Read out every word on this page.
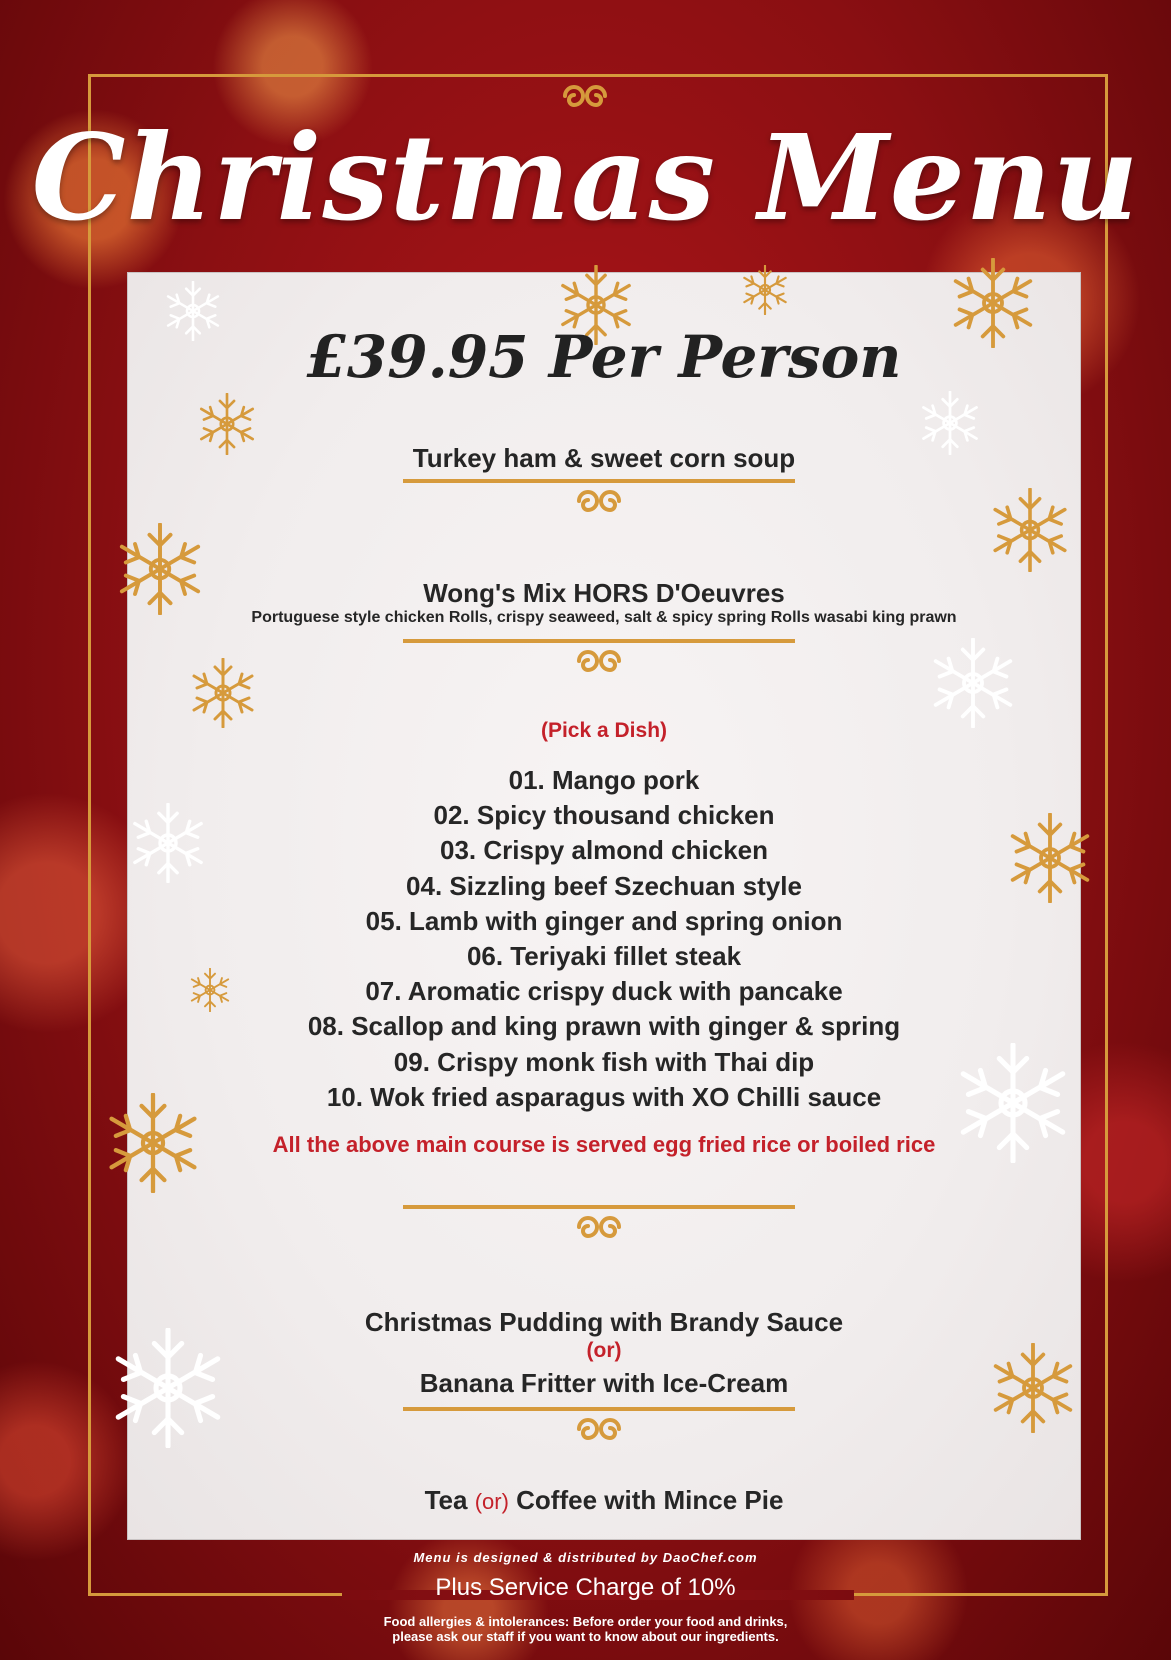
Christmas Menu
£39.95 Per Person
Turkey ham & sweet corn soup
Wong's Mix HORS D'Oeuvres
Portuguese style chicken Rolls, crispy seaweed, salt & spicy spring Rolls wasabi king prawn
(Pick a Dish)
01. Mango pork
02. Spicy thousand chicken
03. Crispy almond chicken
04. Sizzling beef Szechuan style
05. Lamb with ginger and spring onion
06. Teriyaki fillet steak
07. Aromatic crispy duck with pancake
08. Scallop and king prawn with ginger & spring
09. Crispy monk fish with Thai dip
10. Wok fried asparagus with XO Chilli sauce
All the above main course is served egg fried rice or boiled rice
Christmas Pudding with Brandy Sauce
(or)
Banana Fritter with Ice-Cream
Tea (or) Coffee with Mince Pie
Menu is designed & distributed by DaoChef.com
Plus Service Charge of 10%
Food allergies & intolerances: Before order your food and drinks,
please ask our staff if you want to know about our ingredients.
